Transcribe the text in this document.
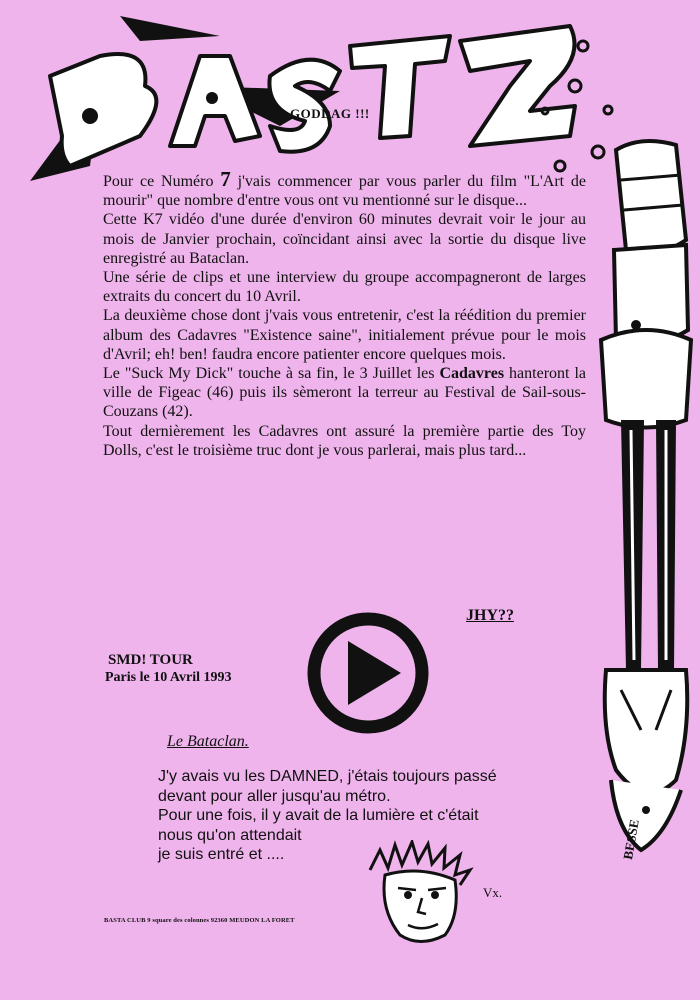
GODDAG !!!

Pour ce Numéro 7 j'vais commencer par vous parler du film "L'Art de mourir" que nombre d'entre vous ont vu mentionné sur le disque...

Cette K7 vidéo d'une durée d'environ 60 minutes devrait voir le jour au mois de Janvier prochain, coïncidant ainsi avec la sortie du disque live enregistré au Bataclan.

Une série de clips et une interview du groupe accompagneront de larges extraits du concert du 10 Avril.

La deuxième chose dont j'vais vous entretenir, c'est la réédition du premier album des Cadavres "Existence saine", initialement prévue pour le mois d'Avril; eh! ben! faudra encore patienter encore quelques mois.

Le "Suck My Dick" touche à sa fin, le 3 Juillet les Cadavres hanteront la ville de Figeac (46) puis ils sèmeront la terreur au Festival de Sail-sous-Couzans (42).

Tout dernièrement les Cadavres ont assuré la première partie des Toy Dolls, c'est le troisième truc dont je vous parlerai, mais plus tard...

JHY??
SMD! TOUR
Paris le 10 Avril 1993
Le Bataclan.
J'y avais vu les DAMNED, j'étais toujours passé
devant pour aller jusqu'au métro.
Pour une fois, il y avait de la lumière et c'était
nous qu'on attendait
je suis entré et ....
Vx.
BASTA CLUB 9 square des colonnes 92360 MEUDON LA FORET
BESSE
